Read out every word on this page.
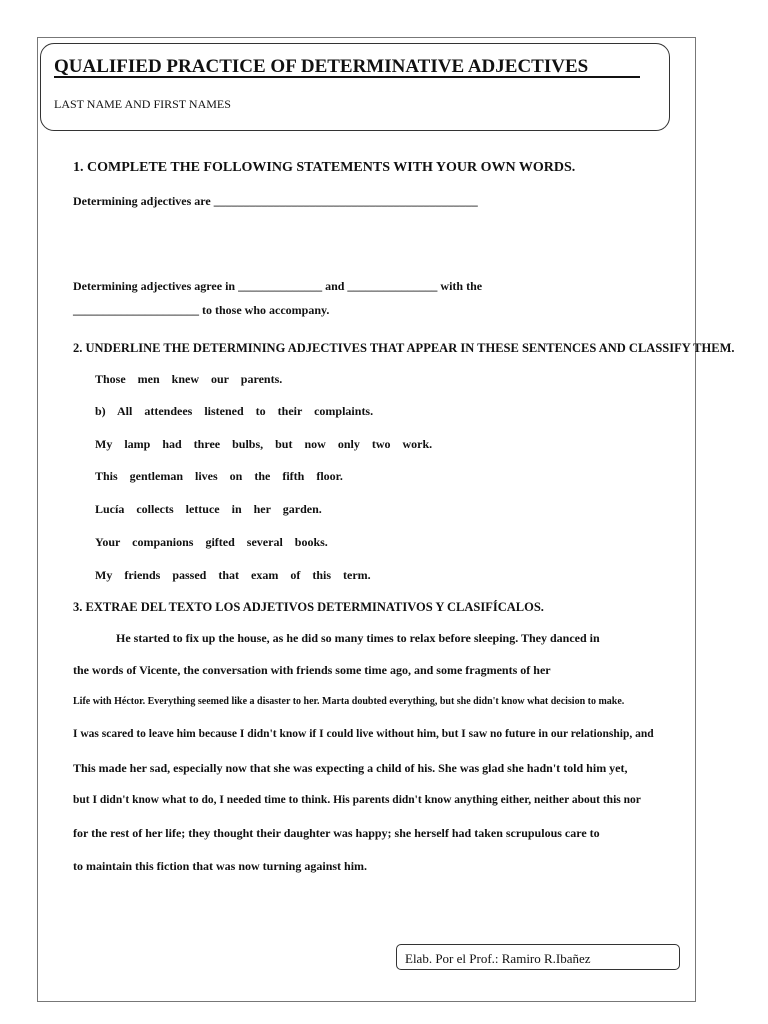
QUALIFIED PRACTICE OF DETERMINATIVE ADJECTIVES
LAST NAME AND FIRST NAMES
1. COMPLETE THE FOLLOWING STATEMENTS WITH YOUR OWN WORDS.
Determining adjectives are ____________________________________________
Determining adjectives agree in ______________ and _______________ with the
_____________________ to those who accompany.
2. UNDERLINE THE DETERMINING ADJECTIVES THAT APPEAR IN THESE SENTENCES AND CLASSIFY THEM.
Those men knew our parents.
b) All attendees listened to their complaints.
My lamp had three bulbs, but now only two work.
This gentleman lives on the fifth floor.
Lucía collects lettuce in her garden.
Your companions gifted several books.
My friends passed that exam of this term.
3. EXTRAE DEL TEXTO LOS ADJETIVOS DETERMINATIVOS Y CLASIFÍCALOS.
He started to fix up the house, as he did so many times to relax before sleeping. They danced in
the words of Vicente, the conversation with friends some time ago, and some fragments of her
Life with Héctor. Everything seemed like a disaster to her. Marta doubted everything, but she didn't know what decision to make.
I was scared to leave him because I didn't know if I could live without him, but I saw no future in our relationship, and
This made her sad, especially now that she was expecting a child of his. She was glad she hadn't told him yet,
but I didn't know what to do, I needed time to think. His parents didn't know anything either, neither about this nor
for the rest of her life; they thought their daughter was happy; she herself had taken scrupulous care to
to maintain this fiction that was now turning against him.
Elab. Por el Prof.: Ramiro R.Ibañez
